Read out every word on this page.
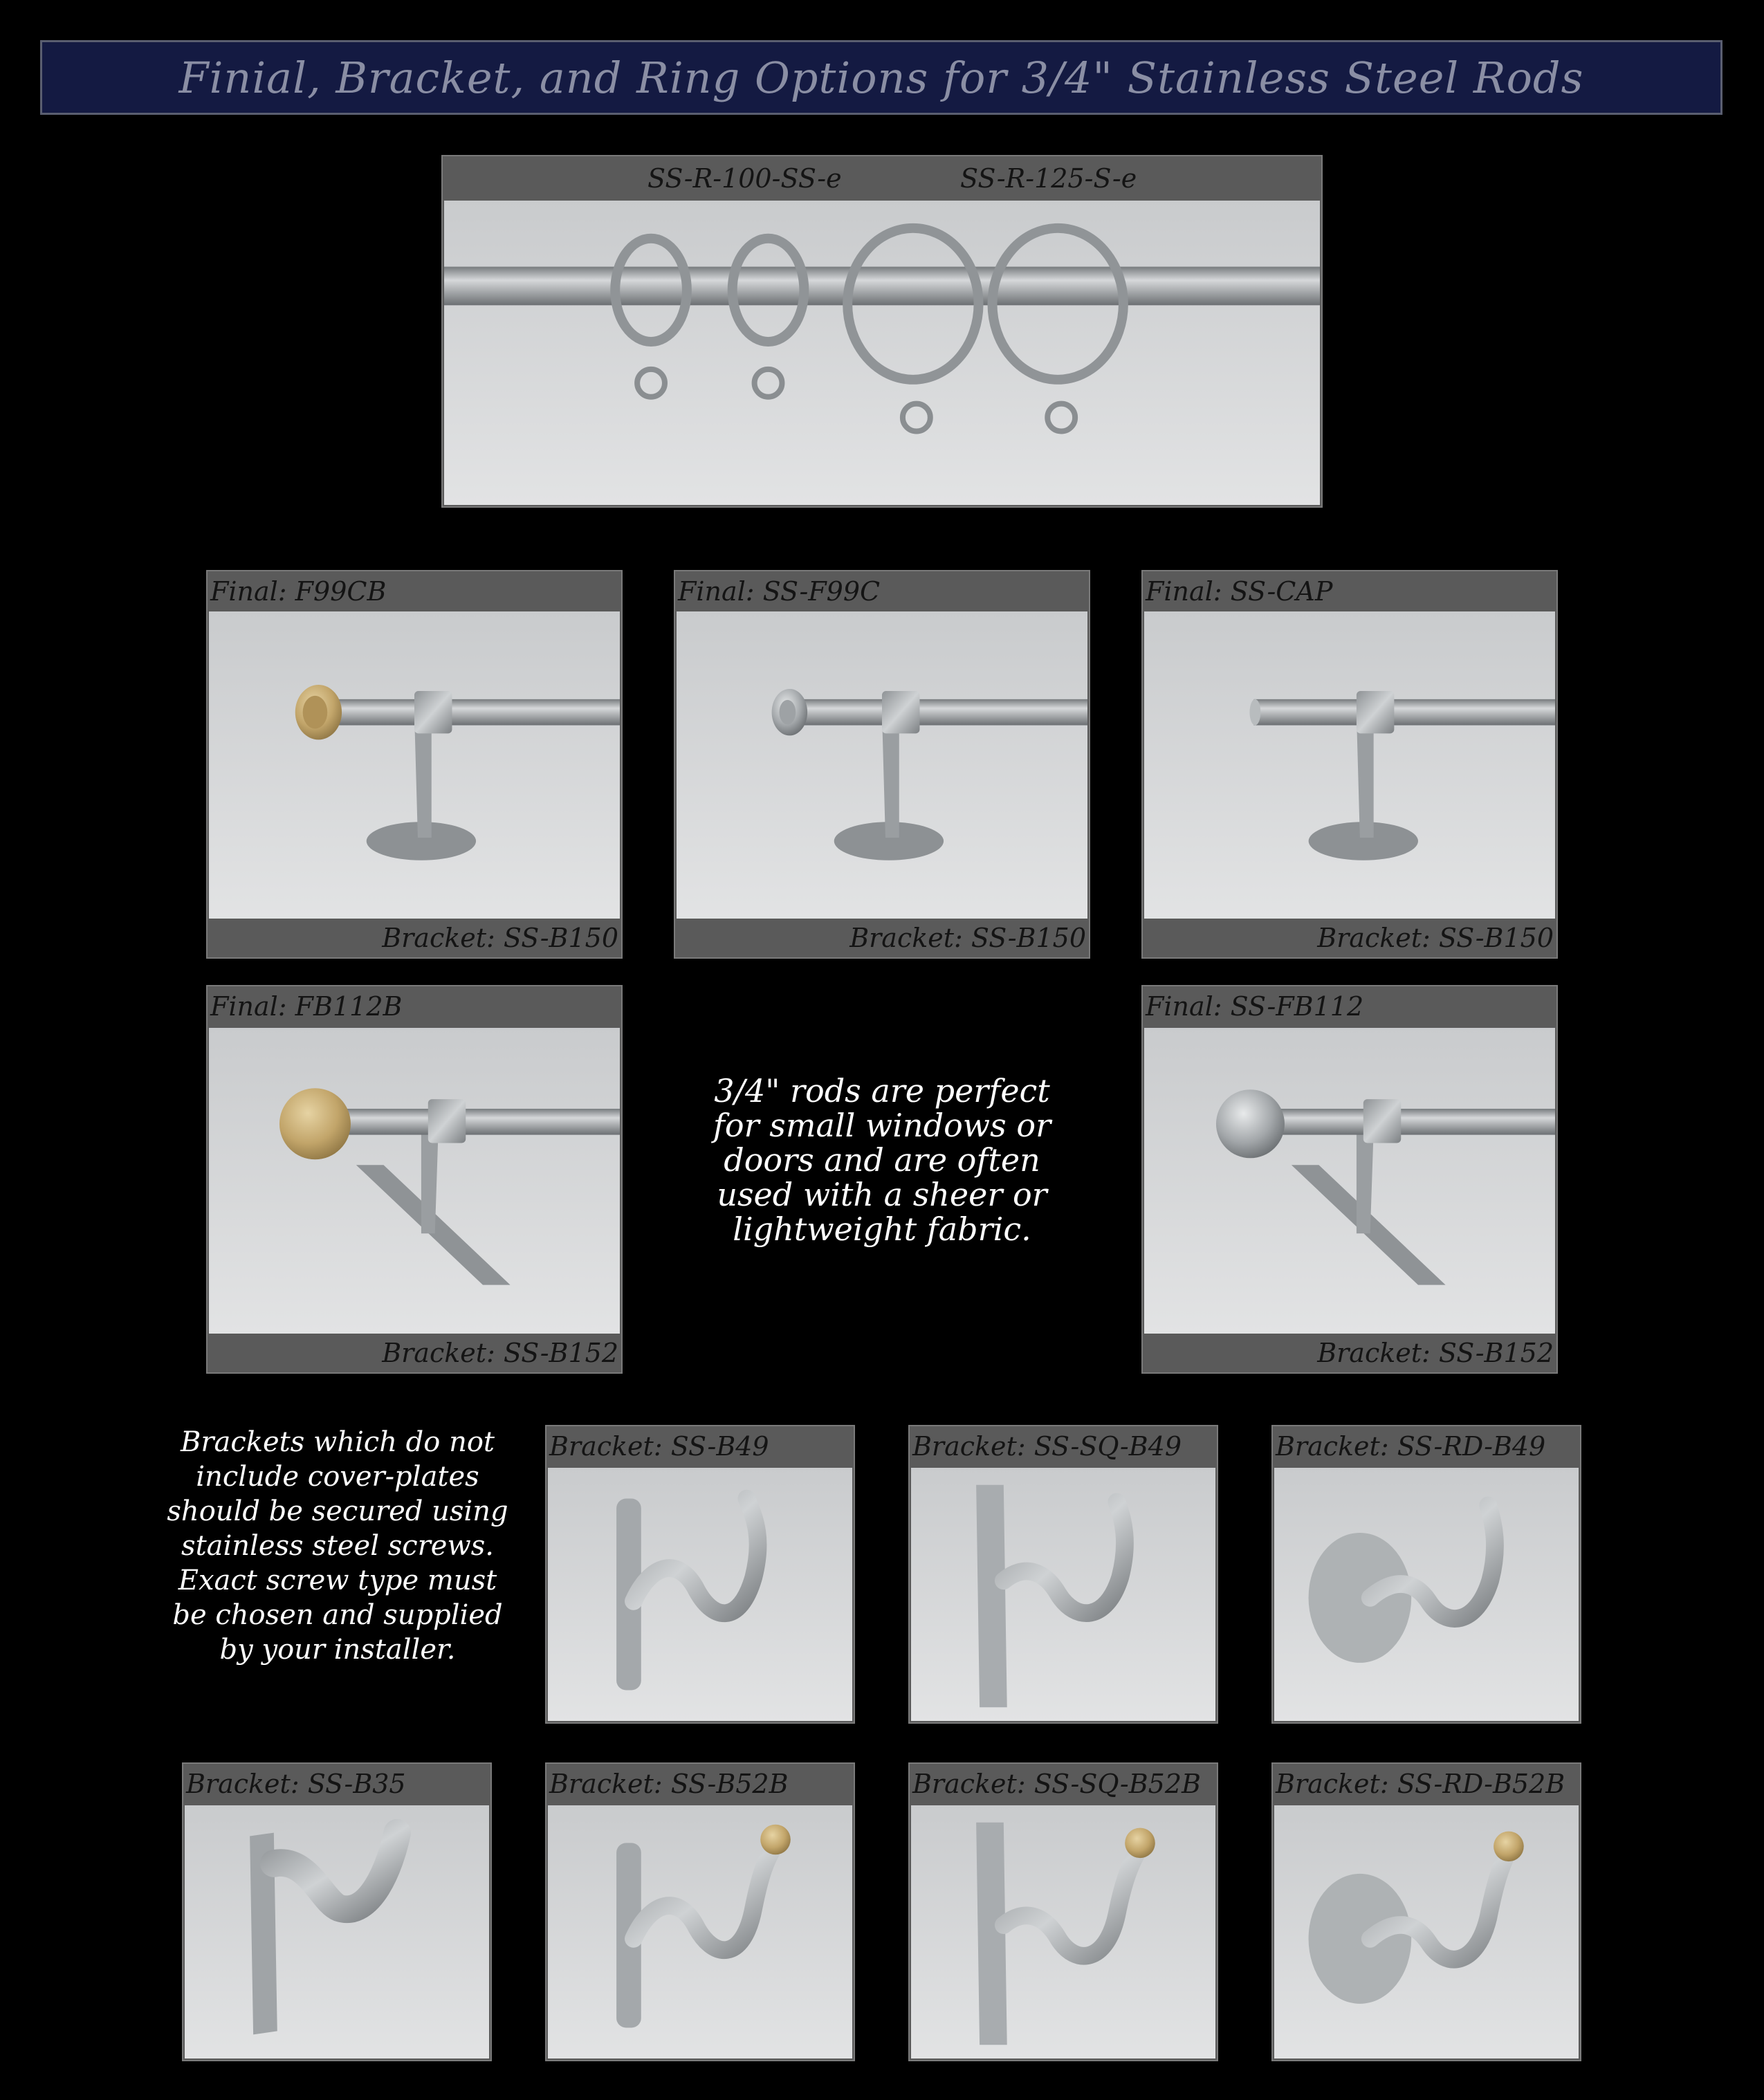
Finial, Bracket, and Ring Options for 3/4" Stainless Steel Rods
SS-R-100-SS-e	SS-R-125-S-e
Final: F99CB
Bracket: SS-B150
Final: SS-F99C
Bracket: SS-B150
Final: SS-CAP
Bracket: SS-B150
Final: FB112B
Bracket: SS-B152
Final: SS-FB112
Bracket: SS-B152
3/4" rods are perfect
for small windows or
doors and are often
used with a sheer or
lightweight fabric.
Brackets which do not
include cover-plates
should be secured using
stainless steel screws.
Exact screw type must
be chosen and supplied
by your installer.
Bracket: SS-B49	Bracket: SS-SQ-B49	Bracket: SS-RD-B49
Bracket: SS-B35	Bracket: SS-B52B	Bracket: SS-SQ-B52B	Bracket: SS-RD-B52B
